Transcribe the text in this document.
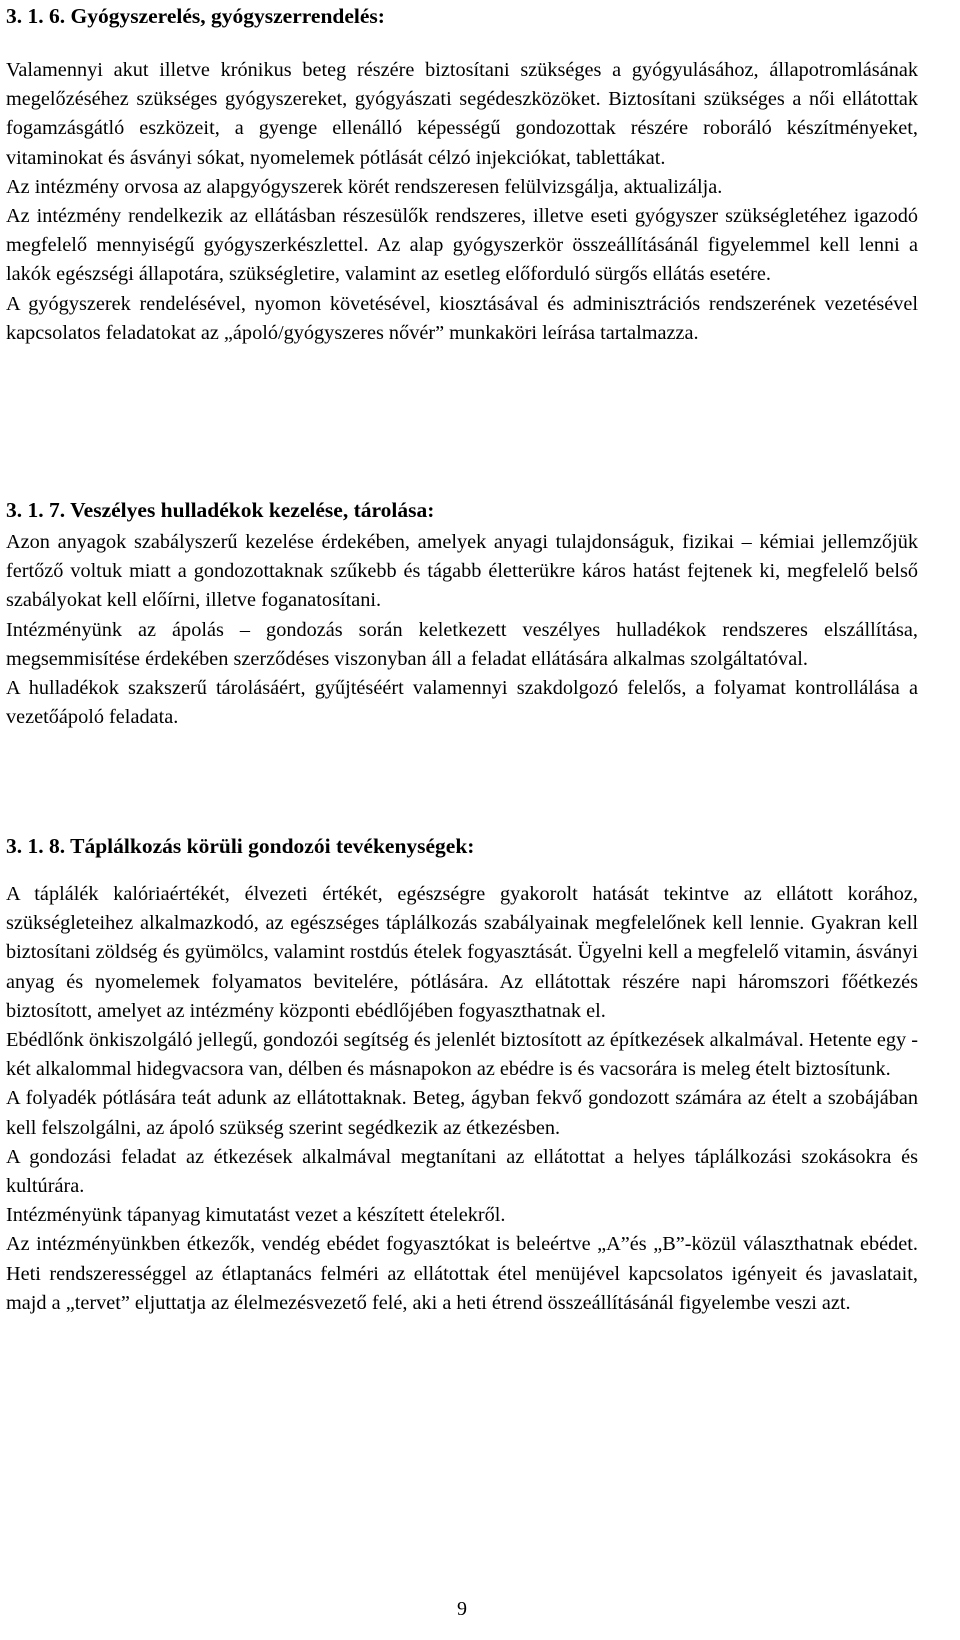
3. 1. 6. Gyógyszerelés, gyógyszerrendelés:

Valamennyi akut illetve krónikus beteg részére biztosítani szükséges a gyógyulásához, állapotromlásának megelőzéséhez szükséges gyógyszereket, gyógyászati segédeszközöket. Biztosítani szükséges a női ellátottak fogamzásgátló eszközeit, a gyenge ellenálló képességű gondozottak részére roboráló készítményeket, vitaminokat és ásványi sókat, nyomelemek pótlását célzó injekciókat, tablettákat.

Az intézmény orvosa az alapgyógyszerek körét rendszeresen felülvizsgálja, aktualizálja.

Az intézmény rendelkezik az ellátásban részesülők rendszeres, illetve eseti gyógyszer szükségletéhez igazodó megfelelő mennyiségű gyógyszerkészlettel. Az alap gyógyszerkör összeállításánál figyelemmel kell lenni a lakók egészségi állapotára, szükségletire, valamint az esetleg előforduló sürgős ellátás esetére.

A gyógyszerek rendelésével, nyomon követésével, kiosztásával és adminisztrációs rendszerének vezetésével kapcsolatos feladatokat az „ápoló/gyógyszeres nővér” munkaköri leírása tartalmazza.

3. 1. 7. Veszélyes hulladékok kezelése, tárolása:

Azon anyagok szabályszerű kezelése érdekében, amelyek anyagi tulajdonságuk, fizikai – kémiai jellemzőjük fertőző voltuk miatt a gondozottaknak szűkebb és tágabb életterükre káros hatást fejtenek ki, megfelelő belső szabályokat kell előírni, illetve foganatosítani.

Intézményünk az ápolás – gondozás során keletkezett veszélyes hulladékok rendszeres elszállítása, megsemmisítése érdekében szerződéses viszonyban áll a feladat ellátására alkalmas szolgáltatóval.

A hulladékok szakszerű tárolásáért, gyűjtéséért valamennyi szakdolgozó felelős, a folyamat kontrollálása a vezetőápoló feladata.

3. 1. 8. Táplálkozás körüli gondozói tevékenységek:

A táplálék kalóriaértékét, élvezeti értékét, egészségre gyakorolt hatását tekintve az ellátott korához, szükségleteihez alkalmazkodó, az egészséges táplálkozás szabályainak megfelelőnek kell lennie. Gyakran kell biztosítani zöldség és gyümölcs, valamint rostdús ételek fogyasztását. Ügyelni kell a megfelelő vitamin, ásványi anyag és nyomelemek folyamatos bevitelére, pótlására. Az ellátottak részére napi háromszori főétkezés biztosított, amelyet az intézmény központi ebédlőjében fogyaszthatnak el.

Ebédlőnk önkiszolgáló jellegű, gondozói segítség és jelenlét biztosított az építkezések alkalmával. Hetente egy - két alkalommal hidegvacsora van, délben és másnapokon az ebédre is és vacsorára is meleg ételt biztosítunk.

A folyadék pótlására teát adunk az ellátottaknak. Beteg, ágyban fekvő gondozott számára az ételt a szobájában kell felszolgálni, az ápoló szükség szerint segédkezik az étkezésben.

A gondozási feladat az étkezések alkalmával megtanítani az ellátottat a helyes táplálkozási szokásokra és kultúrára.

Intézményünk tápanyag kimutatást vezet a készített ételekről.

Az intézményünkben étkezők, vendég ebédet fogyasztókat is beleértve „A”és „B”-közül választhatnak ebédet. Heti rendszerességgel az étlaptanács felméri az ellátottak étel menüjével kapcsolatos igényeit és javaslatait, majd a „tervet” eljuttatja az élelmezésvezető felé, aki a heti étrend összeállításánál figyelembe veszi azt.

9
